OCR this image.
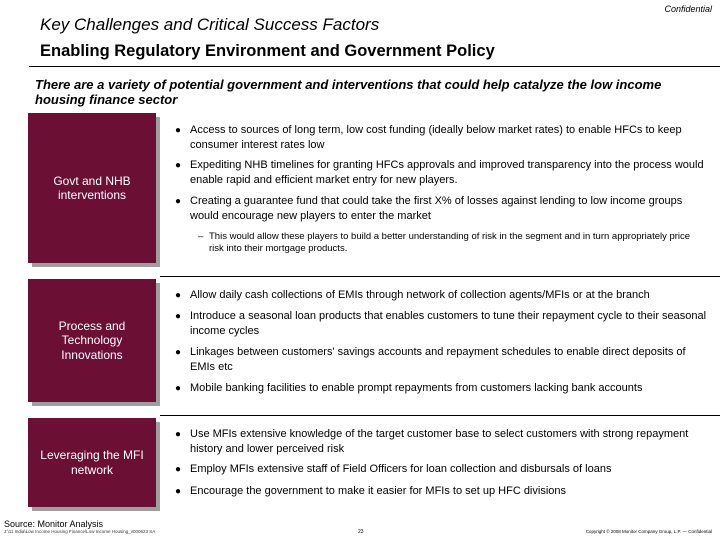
Confidential
Key Challenges and Critical Success Factors
Enabling Regulatory Environment and Government Policy
There are a variety of potential government and interventions that could help catalyze the low income housing finance sector
Govt and NHB interventions
● Access to sources of long term, low cost funding (ideally below market rates) to enable HFCs to keep consumer interest rates low
● Expediting NHB timelines for granting HFCs approvals and improved transparency into the process would enable rapid and efficient market entry for new players.
● Creating a guarantee fund that could take the first X% of losses against lending to low income groups would encourage new players to enter the market
– This would allow these players to build a better understanding of risk in the segment and in turn appropriately price risk into their mortgage products.
Process and Technology Innovations
● Allow daily cash collections of EMIs through network of collection agents/MFIs or at the branch
● Introduce a seasonal loan products that enables customers to tune their repayment cycle to their seasonal income cycles
● Linkages between customers' savings accounts and repayment schedules to enable direct deposits of EMIs etc
● Mobile banking facilities to enable prompt repayments from customers lacking bank accounts
Leveraging the MFI network
● Use MFIs extensive knowledge of the target customer base to select customers with strong repayment history and lower perceived risk
● Employ MFIs extensive staff of Field Officers for loan collection and disbursals of loans
● Encourage the government to make it easier for MFIs to set up HFC divisions
Source: Monitor Analysis
J:\11 India\Low Income Housing Finance\Low Income Housing_v000623 SA	23	Copyright © 2008 Monitor Company Group, L.P. — Confidential
